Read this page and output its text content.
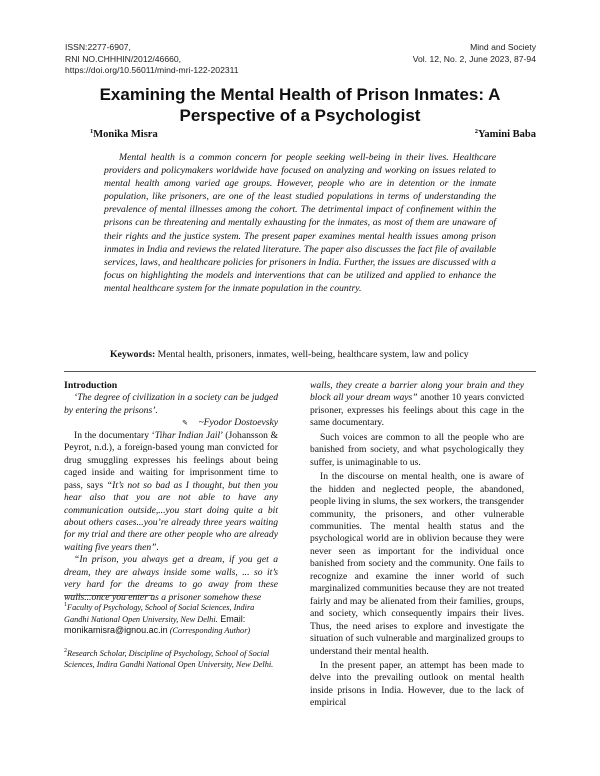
ISSN:2277-6907,
RNI NO.CHHHIN/2012/46660,
https://doi.org/10.56011/mind-mri-122-202311
Mind and Society
Vol. 12, No. 2, June 2023, 87-94
Examining the Mental Health of Prison Inmates: A Perspective of a Psychologist
$^1$Monika Misra	$^2$Yamini Baba

Mental health is a common concern for people seeking well-being in their lives. Healthcare providers and policymakers worldwide have focused on analyzing and working on issues related to mental health among varied age groups. However, people who are in detention or the inmate population, like prisoners, are one of the least studied populations in terms of understanding the prevalence of mental illnesses among the cohort. The detrimental impact of confinement within the prisons can be threatening and mentally exhausting for the inmates, as most of them are unaware of their rights and the justice system. The present paper examines mental health issues among prison inmates in India and reviews the related literature. The paper also discusses the fact file of available services, laws, and healthcare policies for prisoners in India. Further, the issues are discussed with a focus on highlighting the models and interventions that can be utilized and applied to enhance the mental healthcare system for the inmate population in the country.

Keywords: Mental health, prisoners, inmates, well-being, healthcare system, law and policy

Introduction

‘The degree of civilization in a society can be judged by entering the prisons’.

✎      ~Fyodor Dostoevsky

In the documentary ‘Tihar Indian Jail’ (Johansson & Peyrot, n.d.), a foreign-based young man convicted for drug smuggling expresses his feelings about being caged inside and waiting for imprisonment time to pass, says “It’s not so bad as I thought, but then you hear also that you are not able to have any communication outside,...you start doing quite a bit about others cases...you’re already three years waiting for my trial and there are other people who are already waiting five years then”.

“In prison, you always get a dream, if you get a dream, they are always inside some walls, ... so it’s very hard for the dreams to go away from these walls...once you enter as a prisoner somehow these

$^1$Faculty of Psychology, School of Social Sciences, Indira Gandhi National Open University, New Delhi. Email:
monikamisra@ignou.ac.in (Corresponding Author)
$^2$Research Scholar, Discipline of Psychology, School of Social Sciences, Indira Gandhi National Open University, New Delhi.

walls, they create a barrier along your brain and they block all your dream ways” another 10 years convicted prisoner, expresses his feelings about this cage in the same documentary.

Such voices are common to all the people who are banished from society, and what psychologically they suffer, is unimaginable to us.

In the discourse on mental health, one is aware of the hidden and neglected people, the abandoned, people living in slums, the sex workers, the transgender community, the prisoners, and other vulnerable communities. The mental health status and the psychological world are in oblivion because they were never seen as important for the individual once banished from society and the community. One fails to recognize and examine the inner world of such marginalized communities because they are not treated fairly and may be alienated from their families, groups, and society, which consequently impairs their lives. Thus, the need arises to explore and investigate the situation of such vulnerable and marginalized groups to understand their mental health.

In the present paper, an attempt has been made to delve into the prevailing outlook on mental health inside prisons in India. However, due to the lack of empirical
